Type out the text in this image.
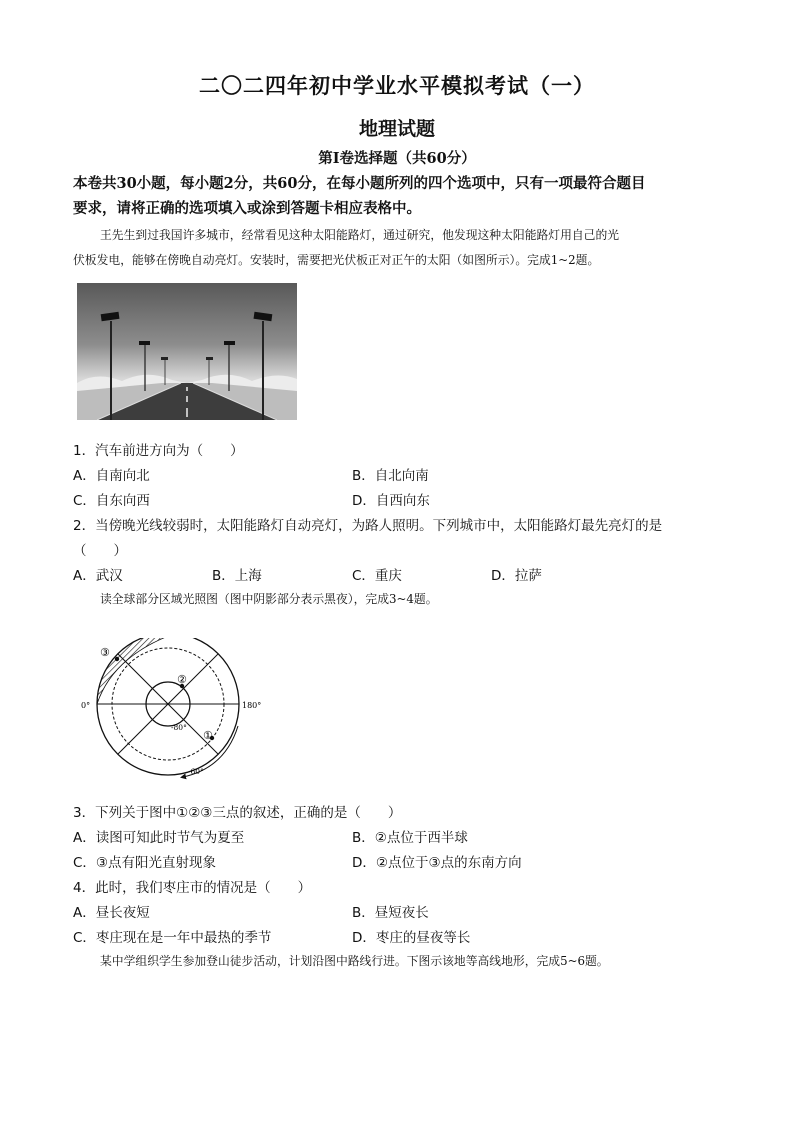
二〇二四年初中学业水平模拟考试（一）
地理试题
第Ⅰ卷选择题（共60分）
本卷共30小题，每小题2分，共60分，在每小题所列的四个选项中，只有一项最符合题目
要求，请将正确的选项填入或涂到答题卡相应表格中。
王先生到过我国许多城市，经常看见这种太阳能路灯，通过研究，他发现这种太阳能路灯用自己的光
伏板发电，能够在傍晚自动亮灯。安装时，需要把光伏板正对正午的太阳（如图所示）。完成1~2题。
1．汽车前进方向为（　　）
A．自南向北	B．自北向南
C．自东向西	D．自西向东
2．当傍晚光线较弱时，太阳能路灯自动亮灯，为路人照明。下列城市中，太阳能路灯最先亮灯的是
（　　）
A．武汉	B．上海	C．重庆	D．拉萨
读全球部分区域光照图（图中阴影部分表示黑夜），完成3~4题。
0°	180°
-80°
-60°
①
②
③
3．下列关于图中①②③三点的叙述，正确的是（　　）
A．读图可知此时节气为夏至	B．②点位于西半球
C．③点有阳光直射现象	D．②点位于③点的东南方向
4．此时，我们枣庄市的情况是（　　）
A．昼长夜短	B．昼短夜长
C．枣庄现在是一年中最热的季节	D．枣庄的昼夜等长
某中学组织学生参加登山徒步活动，计划沿图中路线行进。下图示该地等高线地形，完成5~6题。
